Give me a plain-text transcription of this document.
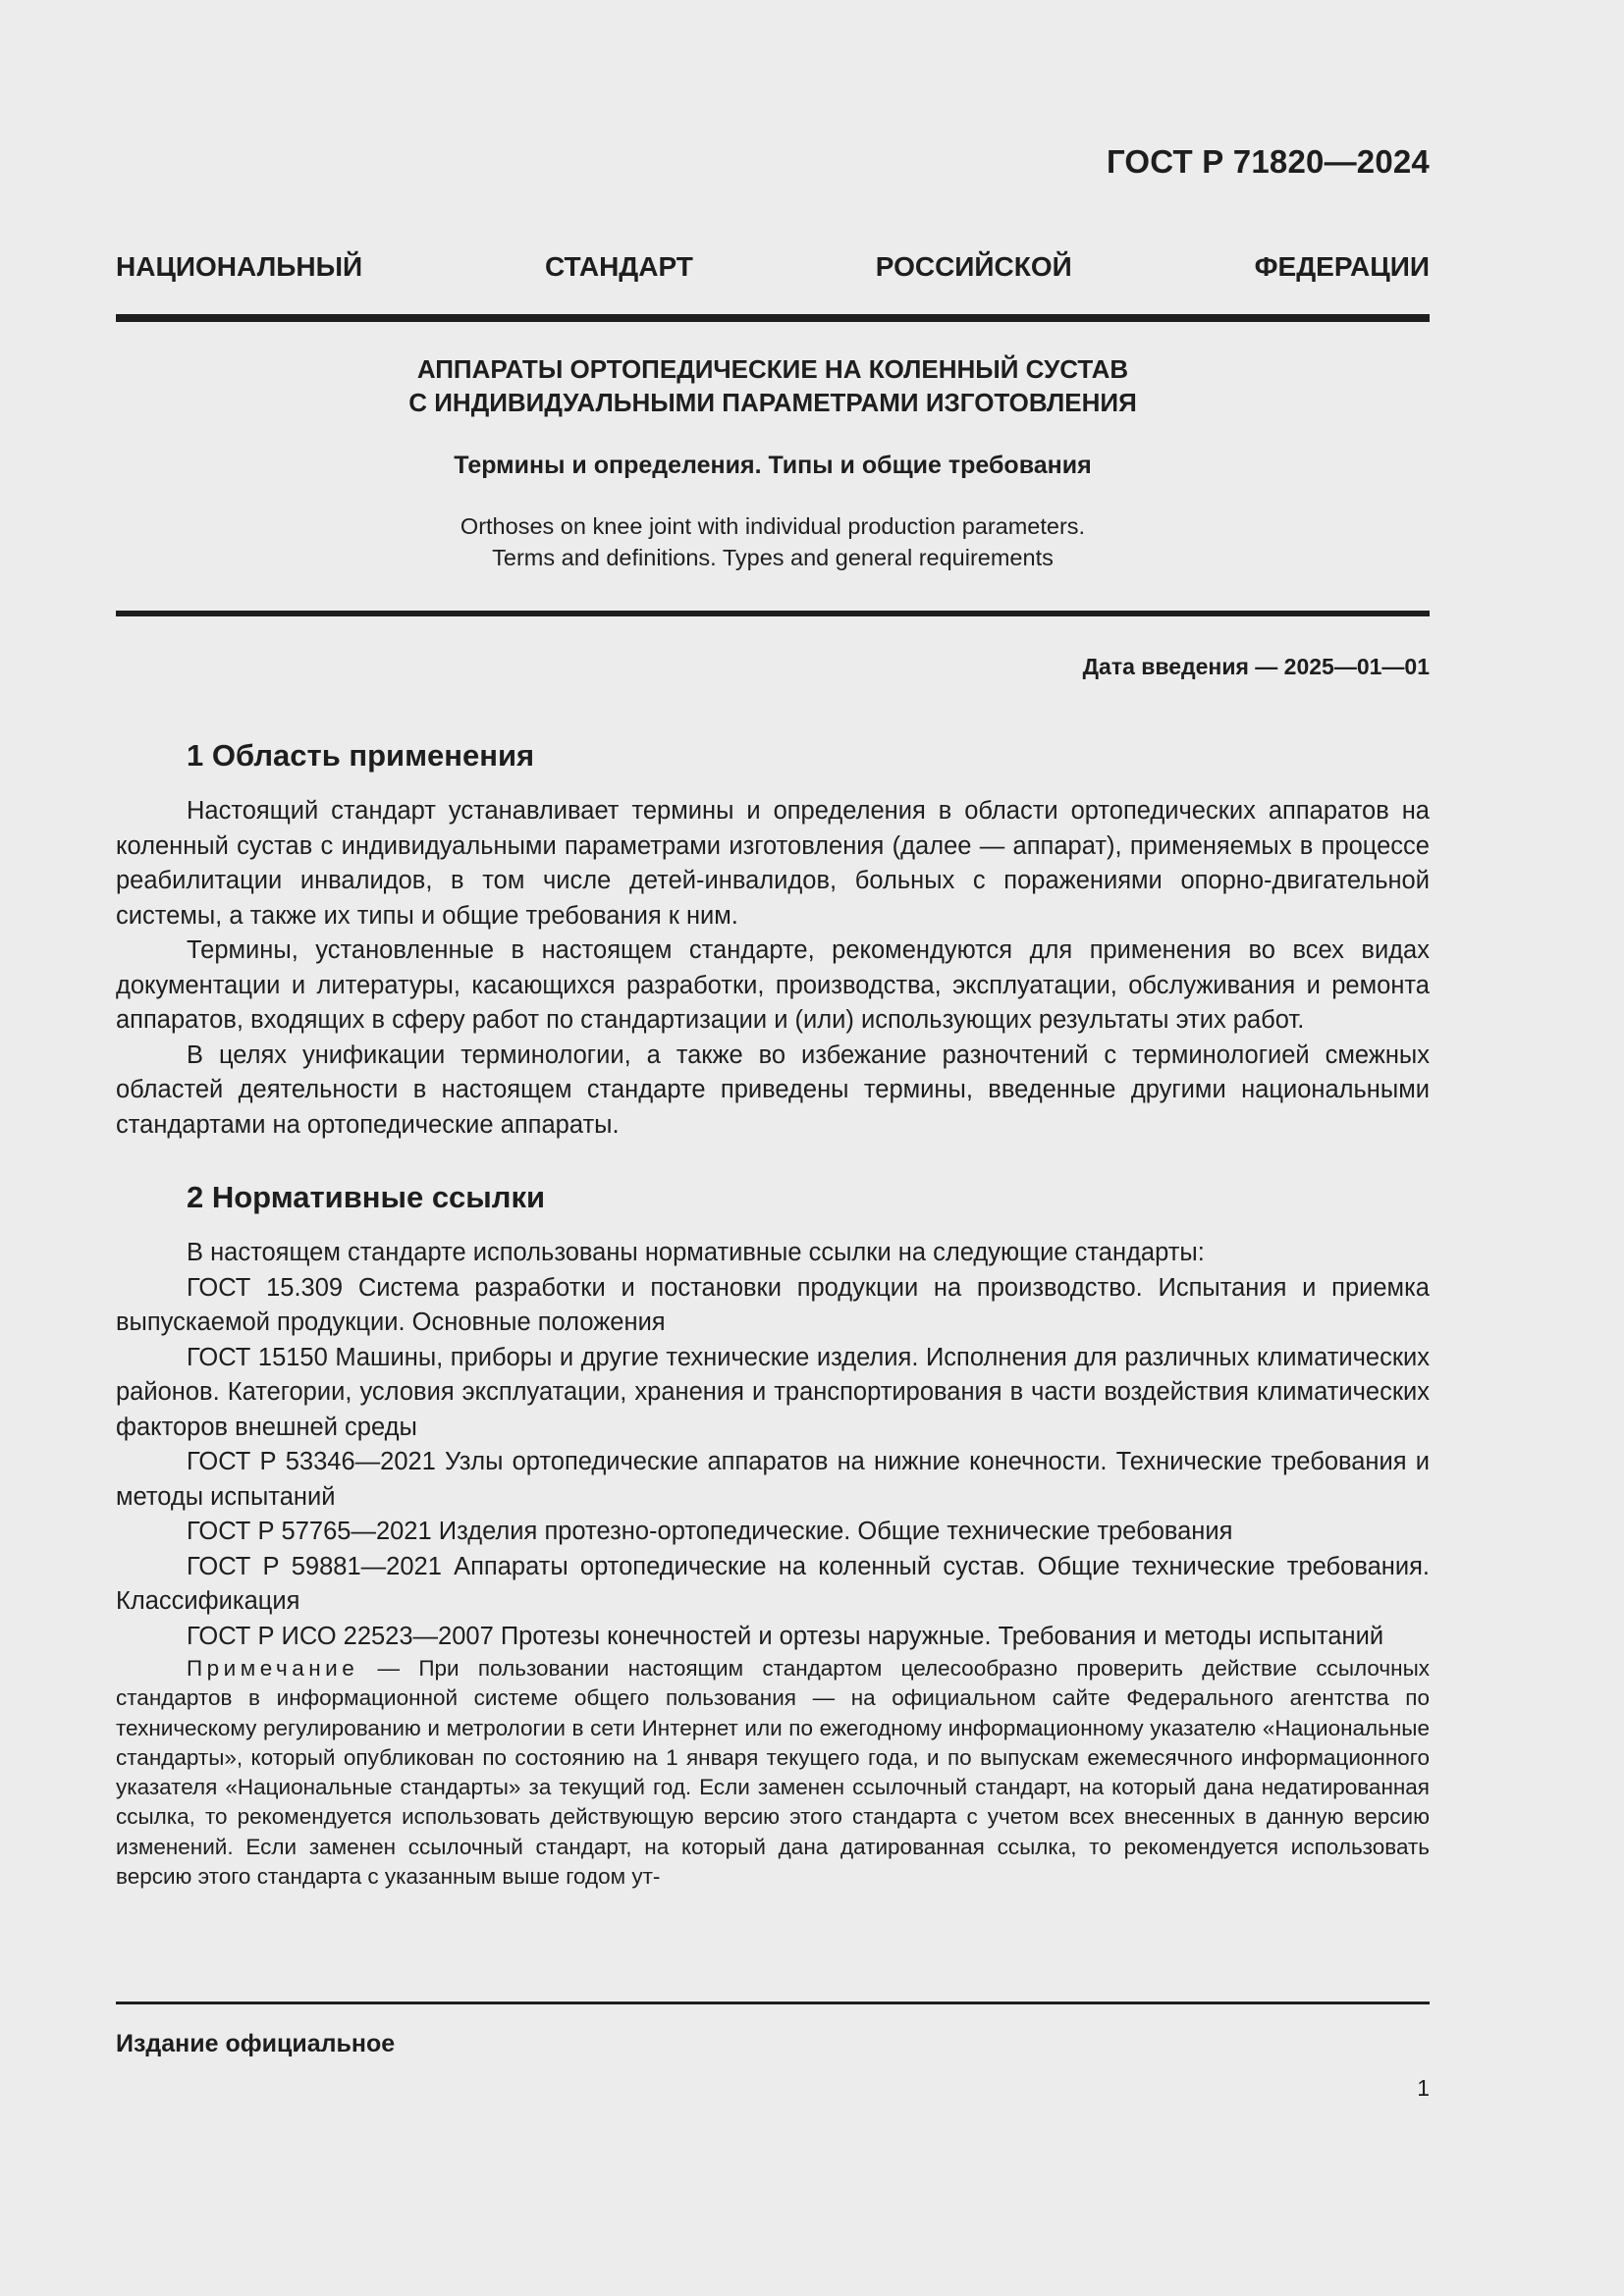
ГОСТ Р 71820—2024
НАЦИОНАЛЬНЫЙ	СТАНДАРТ	РОССИЙСКОЙ	ФЕДЕРАЦИИ
АППАРАТЫ ОРТОПЕДИЧЕСКИЕ НА КОЛЕННЫЙ СУСТАВ
С ИНДИВИДУАЛЬНЫМИ ПАРАМЕТРАМИ ИЗГОТОВЛЕНИЯ
Термины и определения. Типы и общие требования
Orthoses on knee joint with individual production parameters.
Terms and definitions. Types and general requirements
Дата введения — 2025—01—01
1 Область применения

Настоящий стандарт устанавливает термины и определения в области ортопедических аппаратов на коленный сустав с индивидуальными параметрами изготовления (далее — аппарат), применяемых в процессе реабилитации инвалидов, в том числе детей-инвалидов, больных с поражениями опорно-двигательной системы, а также их типы и общие требования к ним.

Термины, установленные в настоящем стандарте, рекомендуются для применения во всех видах документации и литературы, касающихся разработки, производства, эксплуатации, обслуживания и ремонта аппаратов, входящих в сферу работ по стандартизации и (или) использующих результаты этих работ.

В целях унификации терминологии, а также во избежание разночтений с терминологией смежных областей деятельности в настоящем стандарте приведены термины, введенные другими национальными стандартами на ортопедические аппараты.

2 Нормативные ссылки

В настоящем стандарте использованы нормативные ссылки на следующие стандарты:

ГОСТ 15.309 Система разработки и постановки продукции на производство. Испытания и приемка выпускаемой продукции. Основные положения

ГОСТ 15150 Машины, приборы и другие технические изделия. Исполнения для различных климатических районов. Категории, условия эксплуатации, хранения и транспортирования в части воздействия климатических факторов внешней среды

ГОСТ Р 53346—2021 Узлы ортопедические аппаратов на нижние конечности. Технические требования и методы испытаний

ГОСТ Р 57765—2021 Изделия протезно-ортопедические. Общие технические требования

ГОСТ Р 59881—2021 Аппараты ортопедические на коленный сустав. Общие технические требования. Классификация

ГОСТ Р ИСО 22523—2007 Протезы конечностей и ортезы наружные. Требования и методы испытаний

Примечание — При пользовании настоящим стандартом целесообразно проверить действие ссылочных стандартов в информационной системе общего пользования — на официальном сайте Федерального агентства по техническому регулированию и метрологии в сети Интернет или по ежегодному информационному указателю «Национальные стандарты», который опубликован по состоянию на 1 января текущего года, и по выпускам ежемесячного информационного указателя «Национальные стандарты» за текущий год. Если заменен ссылочный стандарт, на который дана недатированная ссылка, то рекомендуется использовать действующую версию этого стандарта с учетом всех внесенных в данную версию изменений. Если заменен ссылочный стандарт, на который дана датированная ссылка, то рекомендуется использовать версию этого стандарта с указанным выше годом ут-

Издание официальное
1
